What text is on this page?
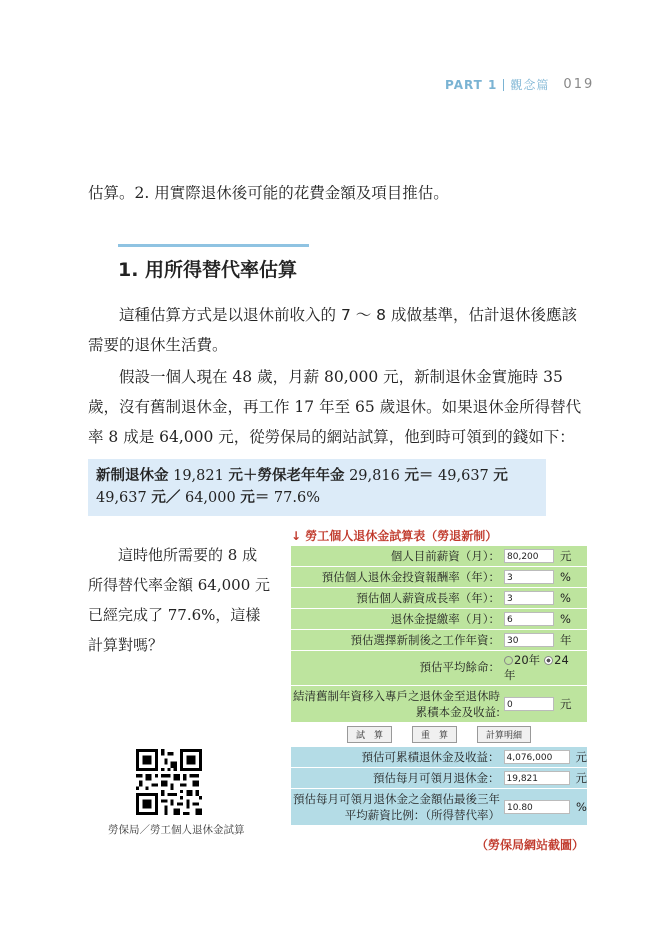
PART 1 觀念篇 019
估算。2. 用實際退休後可能的花費金額及項目推估。
1. 用所得替代率估算
這種估算方式是以退休前收入的 7 ～ 8 成做基準，估計退休後應該需要的退休生活費。
假設一個人現在 48 歲，月薪 80,000 元，新制退休金實施時 35 歲，沒有舊制退休金，再工作 17 年至 65 歲退休。如果退休金所得替代率 8 成是 64,000 元，從勞保局的網站試算，他到時可領到的錢如下：
新制退休金 19,821 元＋勞保老年年金 29,816 元＝ 49,637 元
49,637 元／ 64,000 元＝ 77.6%
這時他所需要的 8 成
所得替代率金額 64,000 元
已經完成了 77.6%，這樣
計算對嗎？
勞保局／勞工個人退休金試算
↓ 勞工個人退休金試算表（勞退新制）
個人目前薪資（月）： 80,200	元
預估個人退休金投資報酬率（年）： 3	%
預估個人薪資成長率（年）： 3	%
退休金提繳率（月）： 6	%
預估選擇新制後之工作年資： 30	年
預估平均餘命：	20年	24
年
結清舊制年資移入專戶之退休金至退休時累積本金及收益: 0	元
試　算	重　算	計算明細
預估可累積退休金及收益： 4,076,000	元
預估每月可領月退休金： 19,821	元
預估每月可領月退休金之金額佔最後三年平均薪資比例：（所得替代率） 10.80	%
（勞保局網站截圖）
